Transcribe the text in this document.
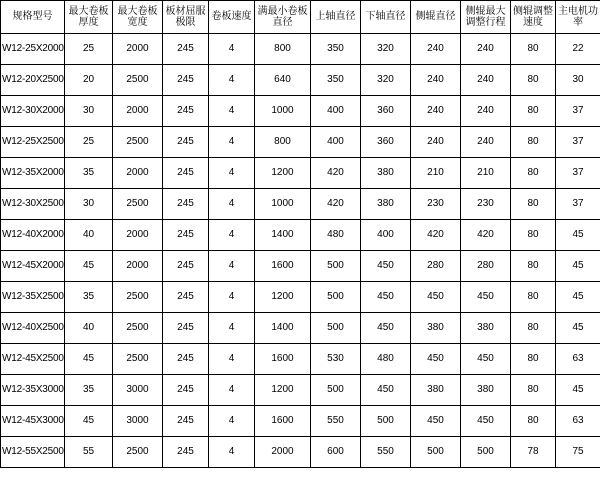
规格型号	最大卷板厚度	最大卷板宽度	板材屈服极限	卷板速度	满最小卷板直径	上轴直径	下轴直径	侧辊直径	侧辊最大调整行程	侧辊调整速度	主电机功率
W12-25X2000	25	2000	245	4	800	350	320	240	240	80	22
W12-20X2500	20	2500	245	4	640	350	320	240	240	80	30
W12-30X2000	30	2000	245	4	1000	400	360	240	240	80	37
W12-25X2500	25	2500	245	4	800	400	360	240	240	80	37
W12-35X2000	35	2000	245	4	1200	420	380	210	210	80	37
W12-30X2500	30	2500	245	4	1000	420	380	230	230	80	37
W12-40X2000	40	2000	245	4	1400	480	400	420	420	80	45
W12-45X2000	45	2000	245	4	1600	500	450	280	280	80	45
W12-35X2500	35	2500	245	4	1200	500	450	450	450	80	45
W12-40X2500	40	2500	245	4	1400	500	450	380	380	80	45
W12-45X2500	45	2500	245	4	1600	530	480	450	450	80	63
W12-35X3000	35	3000	245	4	1200	500	450	380	380	80	45
W12-45X3000	45	3000	245	4	1600	550	500	450	450	80	63
W12-55X2500	55	2500	245	4	2000	600	550	500	500	78	75
